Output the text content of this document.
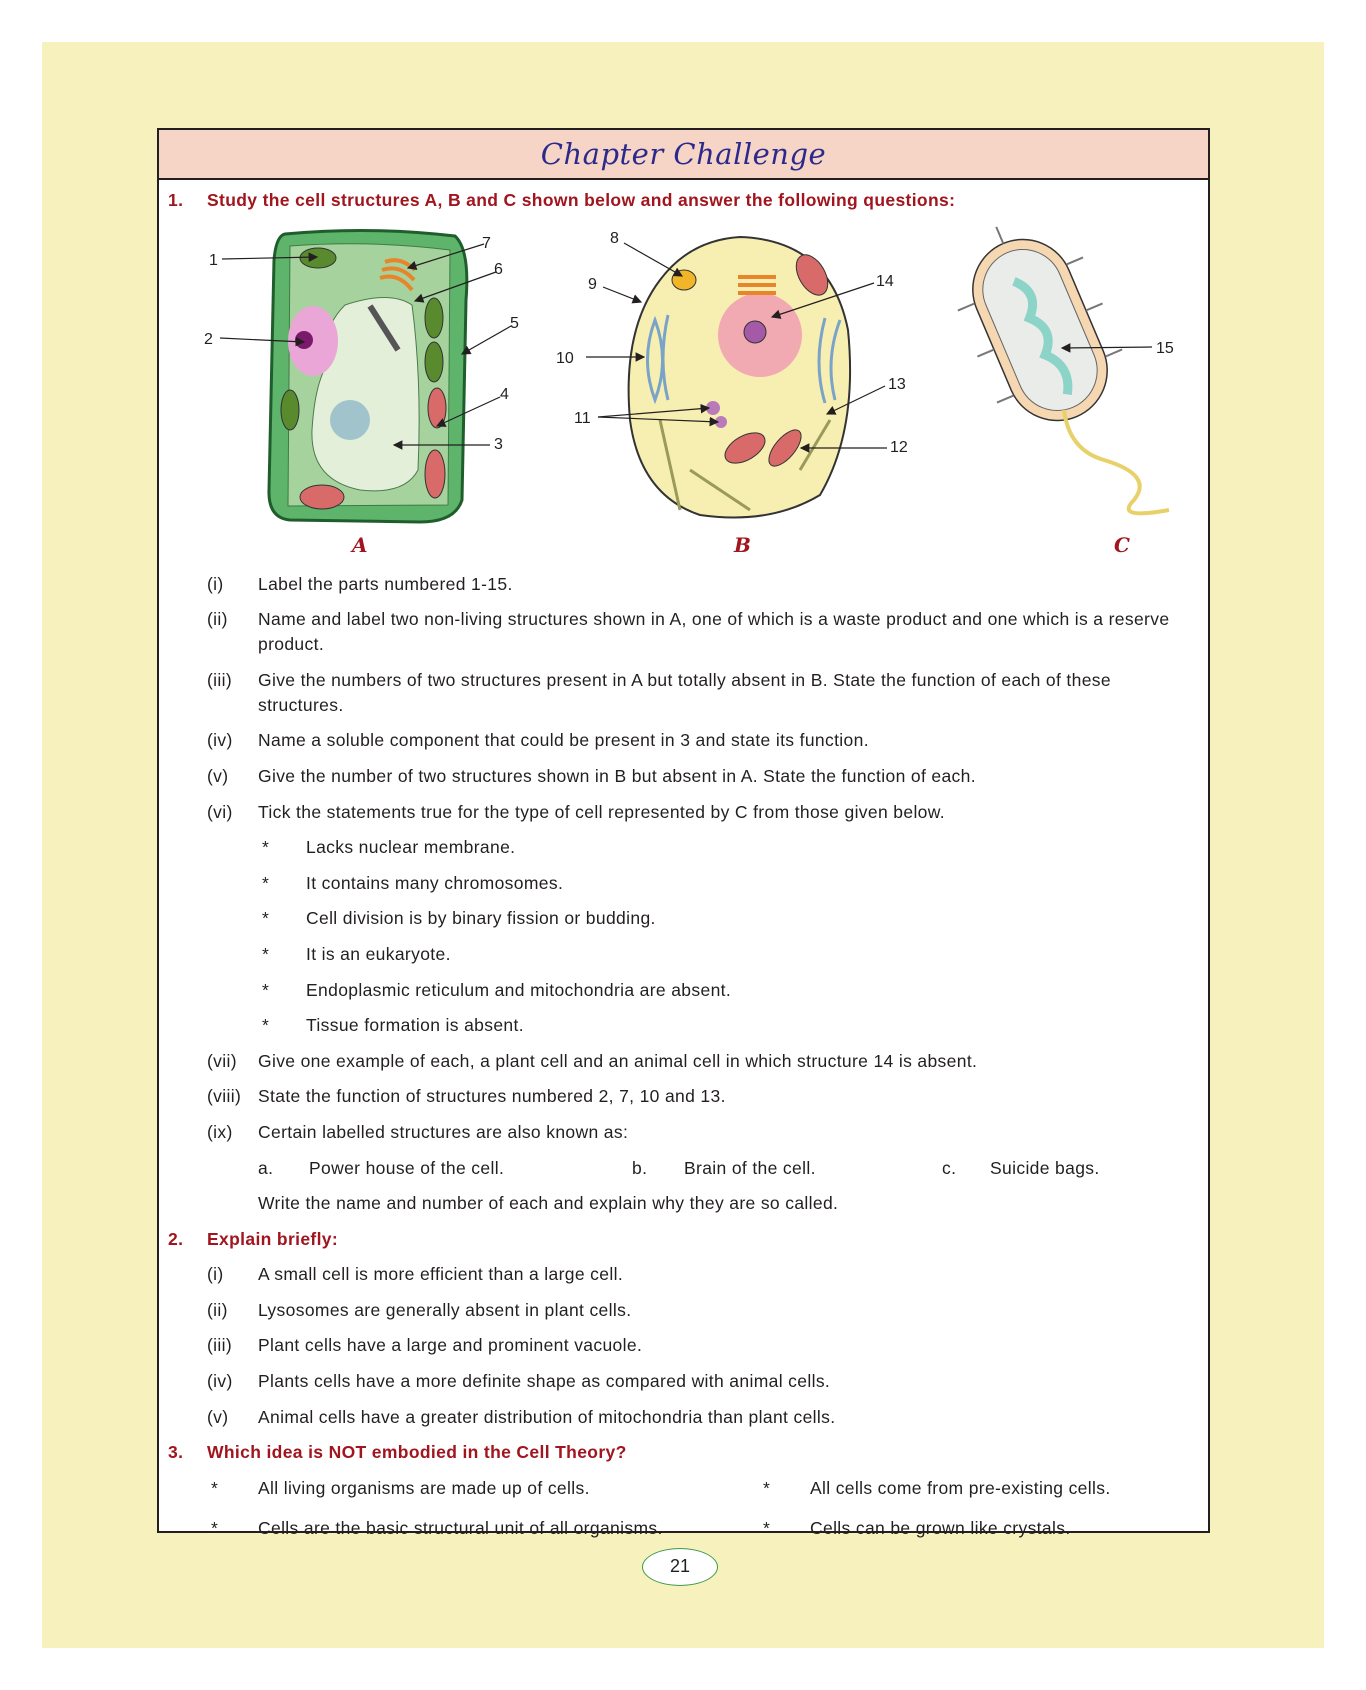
Chapter Challenge
1
2
3
4
5
6
7	8
9
10
11
12
13
14
15
A	B	C
1. Study the cell structures A, B and C shown below and answer the following questions:
(i) Label the parts numbered 1-15.
(ii) Name and label two non-living structures shown in A, one of which is a waste product and one which is a reserve product.
(iii) Give the numbers of two structures present in A but totally absent in B. State the function of each of these structures.
(iv) Name a soluble component that could be present in 3 and state its function.
(v) Give the number of two structures shown in B but absent in A. State the function of each.
(vi) Tick the statements true for the type of cell represented by C from those given below.
* Lacks nuclear membrane.
* It contains many chromosomes.
* Cell division is by binary fission or budding.
* It is an eukaryote.
* Endoplasmic reticulum and mitochondria are absent.
* Tissue formation is absent.
(vii) Give one example of each, a plant cell and an animal cell in which structure 14 is absent.
(viii) State the function of structures numbered 2, 7, 10 and 13.
(ix) Certain labelled structures are also known as:
a. Power house of the cell.	b. Brain of the cell.	c. Suicide bags.
Write the name and number of each and explain why they are so called.
2. Explain briefly:
(i) A small cell is more efficient than a large cell.
(ii) Lysosomes are generally absent in plant cells.
(iii) Plant cells have a large and prominent vacuole.
(iv) Plants cells have a more definite shape as compared with animal cells.
(v) Animal cells have a greater distribution of mitochondria than plant cells.
3. Which idea is NOT embodied in the Cell Theory?
* All living organisms are made up of cells.	* All cells come from pre-existing cells.
* Cells are the basic structural unit of all organisms.	* Cells can be grown like crystals.
21
